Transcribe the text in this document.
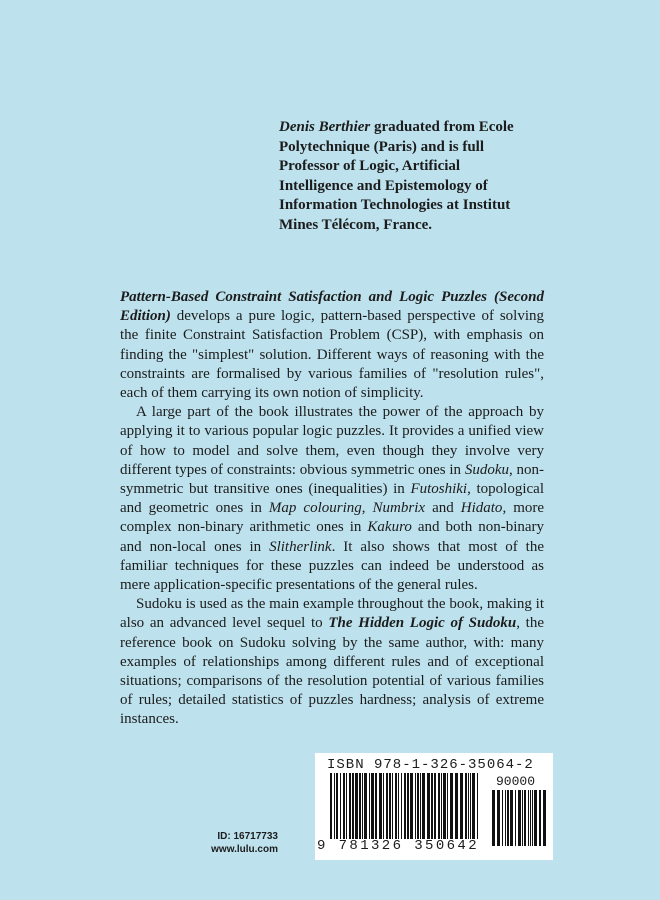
Denis Berthier graduated from Ecole Polytechnique (Paris) and is full Professor of Logic, Artificial Intelligence and Epistemology of Information Technologies at Institut Mines Télécom, France.

Pattern-Based Constraint Satisfaction and Logic Puzzles (Second Edition) develops a pure logic, pattern-based perspective of solving the finite Constraint Satisfaction Problem (CSP), with emphasis on finding the "simplest" solution. Different ways of reasoning with the constraints are formalised by various families of "resolution rules", each of them carrying its own notion of simplicity.

A large part of the book illustrates the power of the approach by applying it to various popular logic puzzles. It provides a unified view of how to model and solve them, even though they involve very different types of constraints: obvious symmetric ones in Sudoku, non-symmetric but transitive ones (inequalities) in Futoshiki, topological and geometric ones in Map colouring, Numbrix and Hidato, more complex non-binary arithmetic ones in Kakuro and both non-binary and non-local ones in Slitherlink. It also shows that most of the familiar techniques for these puzzles can indeed be understood as mere application-specific presentations of the general rules.

Sudoku is used as the main example throughout the book, making it also an advanced level sequel to The Hidden Logic of Sudoku, the reference book on Sudoku solving by the same author, with: many examples of relationships among different rules and of exceptional situations; comparisons of the resolution potential of various families of rules; detailed statistics of puzzles hardness; analysis of extreme instances.

ID: 16717733
www.lulu.com
ISBN 978-1-326-35064-2
90000
9 781326 350642
